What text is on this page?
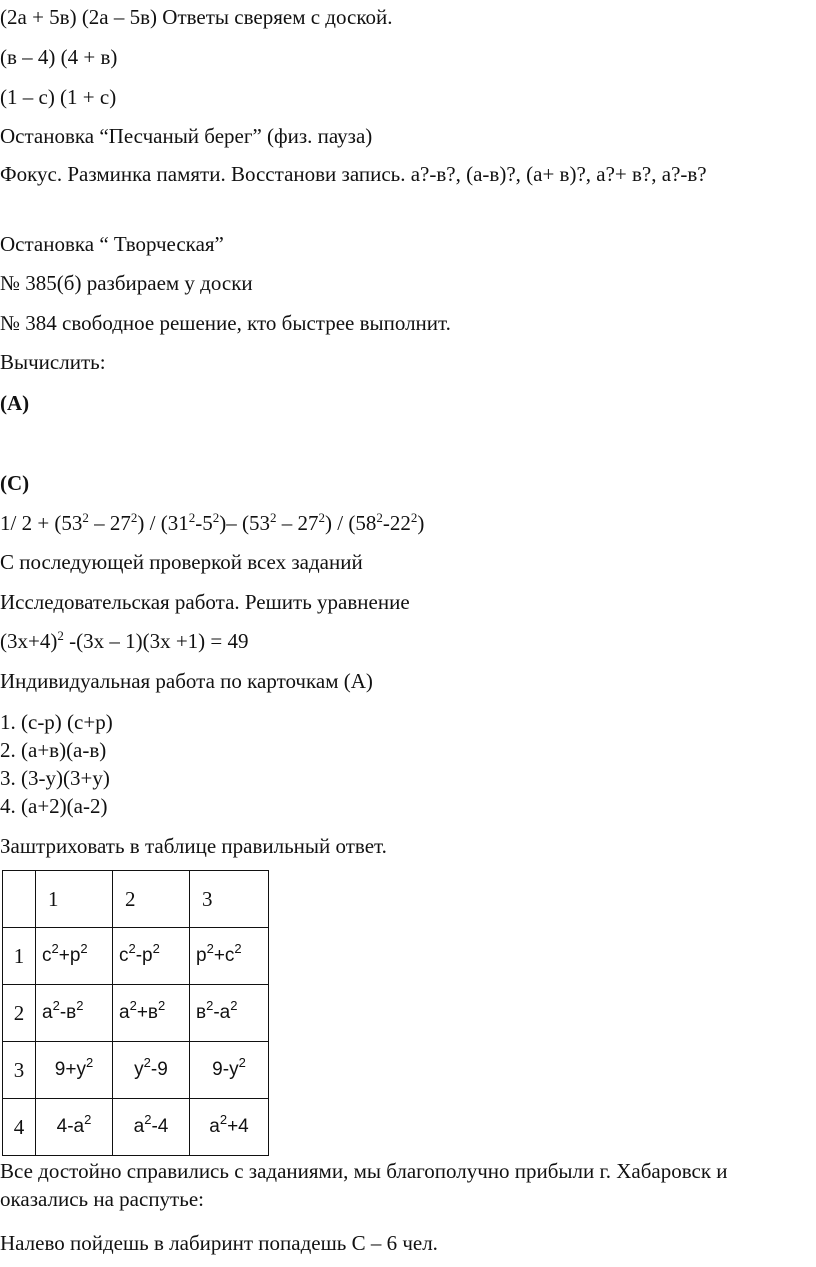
(2а + 5в) (2а – 5в) Ответы сверяем с доской.
(в – 4) (4 + в)
(1 – с) (1 + с)
Остановка “Песчаный берег” (физ. пауза)
Фокус. Разминка памяти. Восстанови запись. а?-в?, (а-в)?, (а+ в)?, а?+ в?, а?-в?
Остановка “ Творческая”
№ 385(б) разбираем у доски
№ 384 свободное решение, кто быстрее выполнит.
Вычислить:
(А)
(С)
1/ $2 + (53^2 - 27^2) / (31^2-5^2)-$ $(53^2 - 27^2) / (58^2-22^2)$
С последующей проверкой всех заданий
Исследовательская работа. Решить уравнение
$(3х+4)^2$ -(3х – 1)(3х +1) = 49
Индивидуальная работа по карточкам (А)
1. (с-р) (с+р)
2. (а+в)(а-в)
3. (3-у)(3+у)
4. (а+2)(а-2)
Заштриховать в таблице правильный ответ.
	1	2	3
1	$с^2+р^2$	$с^2-р^2$	$р^2+с^2$
2	$а^2-в^2$	$а^2+в^2$	$в^2-а^2$
3	$9+у^2$	$у^2-9$	$9-у^2$
4	$4-а^2$	$а^2-4$	$а^2+4$
Все достойно справились с заданиями, мы благополучно прибыли г. Хабаровск и оказались на распутье:
Налево пойдешь в лабиринт попадешь С – 6 чел.
